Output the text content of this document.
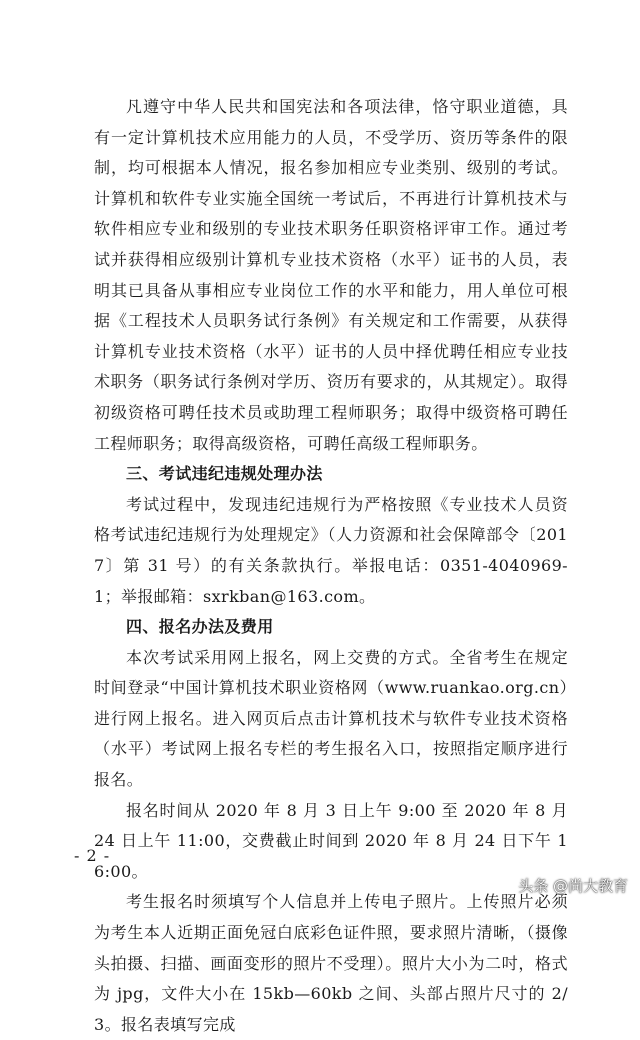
凡遵守中华人民共和国宪法和各项法律，恪守职业道德，具有一定计算机技术应用能力的人员，不受学历、资历等条件的限制，均可根据本人情况，报名参加相应专业类别、级别的考试。计算机和软件专业实施全国统一考试后，不再进行计算机技术与软件相应专业和级别的专业技术职务任职资格评审工作。通过考试并获得相应级别计算机专业技术资格（水平）证书的人员，表明其已具备从事相应专业岗位工作的水平和能力，用人单位可根据《工程技术人员职务试行条例》有关规定和工作需要，从获得计算机专业技术资格（水平）证书的人员中择优聘任相应专业技术职务（职务试行条例对学历、资历有要求的，从其规定）。取得初级资格可聘任技术员或助理工程师职务；取得中级资格可聘任工程师职务；取得高级资格，可聘任高级工程师职务。

三、考试违纪违规处理办法

考试过程中，发现违纪违规行为严格按照《专业技术人员资格考试违纪违规行为处理规定》（人力资源和社会保障部令〔2017〕第 31 号）的有关条款执行。举报电话：0351-4040969-1；举报邮箱：sxrkban@163.com。

四、报名办法及费用

本次考试采用网上报名，网上交费的方式。全省考生在规定时间登录“中国计算机技术职业资格网（www.ruankao.org.cn）进行网上报名。进入网页后点击计算机技术与软件专业技术资格（水平）考试网上报名专栏的考生报名入口，按照指定顺序进行报名。

报名时间从 2020 年 8 月 3 日上午 9:00 至 2020 年 8 月 24 日上午 11:00，交费截止时间到 2020 年 8 月 24 日下午 16:00。

考生报名时须填写个人信息并上传电子照片。上传照片必须为考生本人近期正面免冠白底彩色证件照，要求照片清晰，（摄像头拍摄、扫描、画面变形的照片不受理）。照片大小为二吋，格式为 jpg，文件大小在 15kb—60kb 之间、头部占照片尺寸的 2/3。报名表填写完成

- 2 -
头条 @尚大教育
